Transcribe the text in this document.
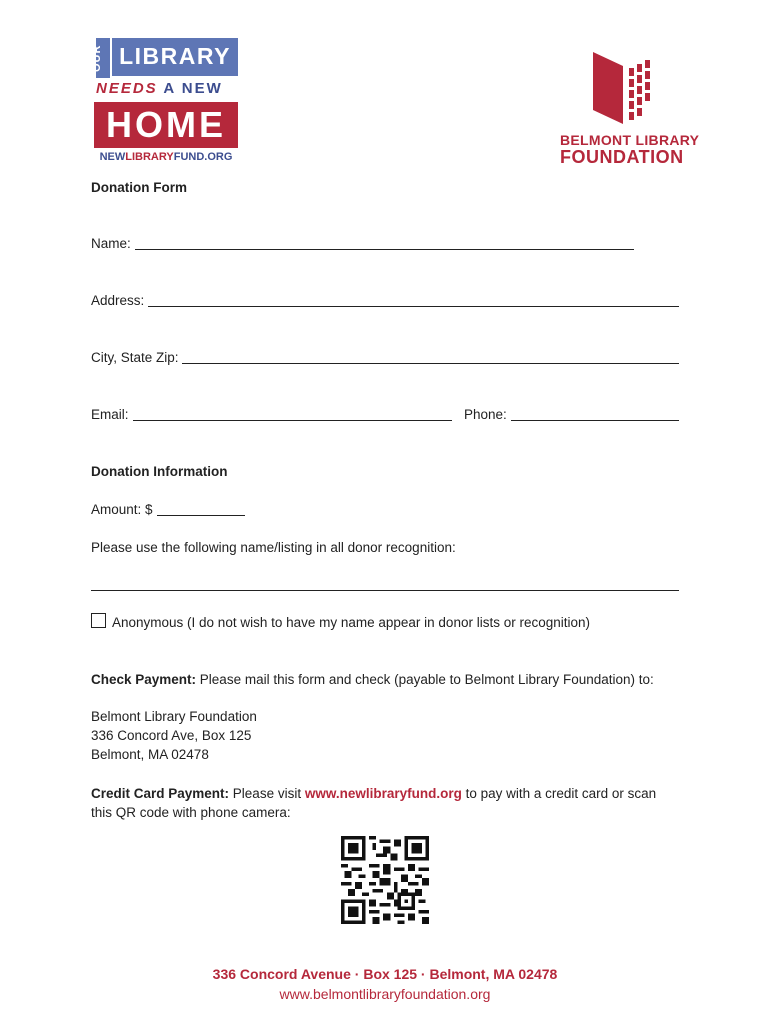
OUR LIBRARY
NEEDS A NEW
HOME
NEWLIBRARYFUND.ORG
BELMONT LIBRARY
FOUNDATION
Donation Form
Name:
Address:
City, State Zip:
Email:	Phone:
Donation Information
Amount: $
Please use the following name/listing in all donor recognition:
Anonymous (I do not wish to have my name appear in donor lists or recognition)
Check Payment: Please mail this form and check (payable to Belmont Library Foundation) to:
Belmont Library Foundation
336 Concord Ave, Box 125
Belmont, MA 02478
Credit Card Payment: Please visit www.newlibraryfund.org to pay with a credit card or scan
this QR code with phone camera:
336 Concord Avenue · Box 125 · Belmont, MA 02478
www.belmontlibraryfoundation.org
